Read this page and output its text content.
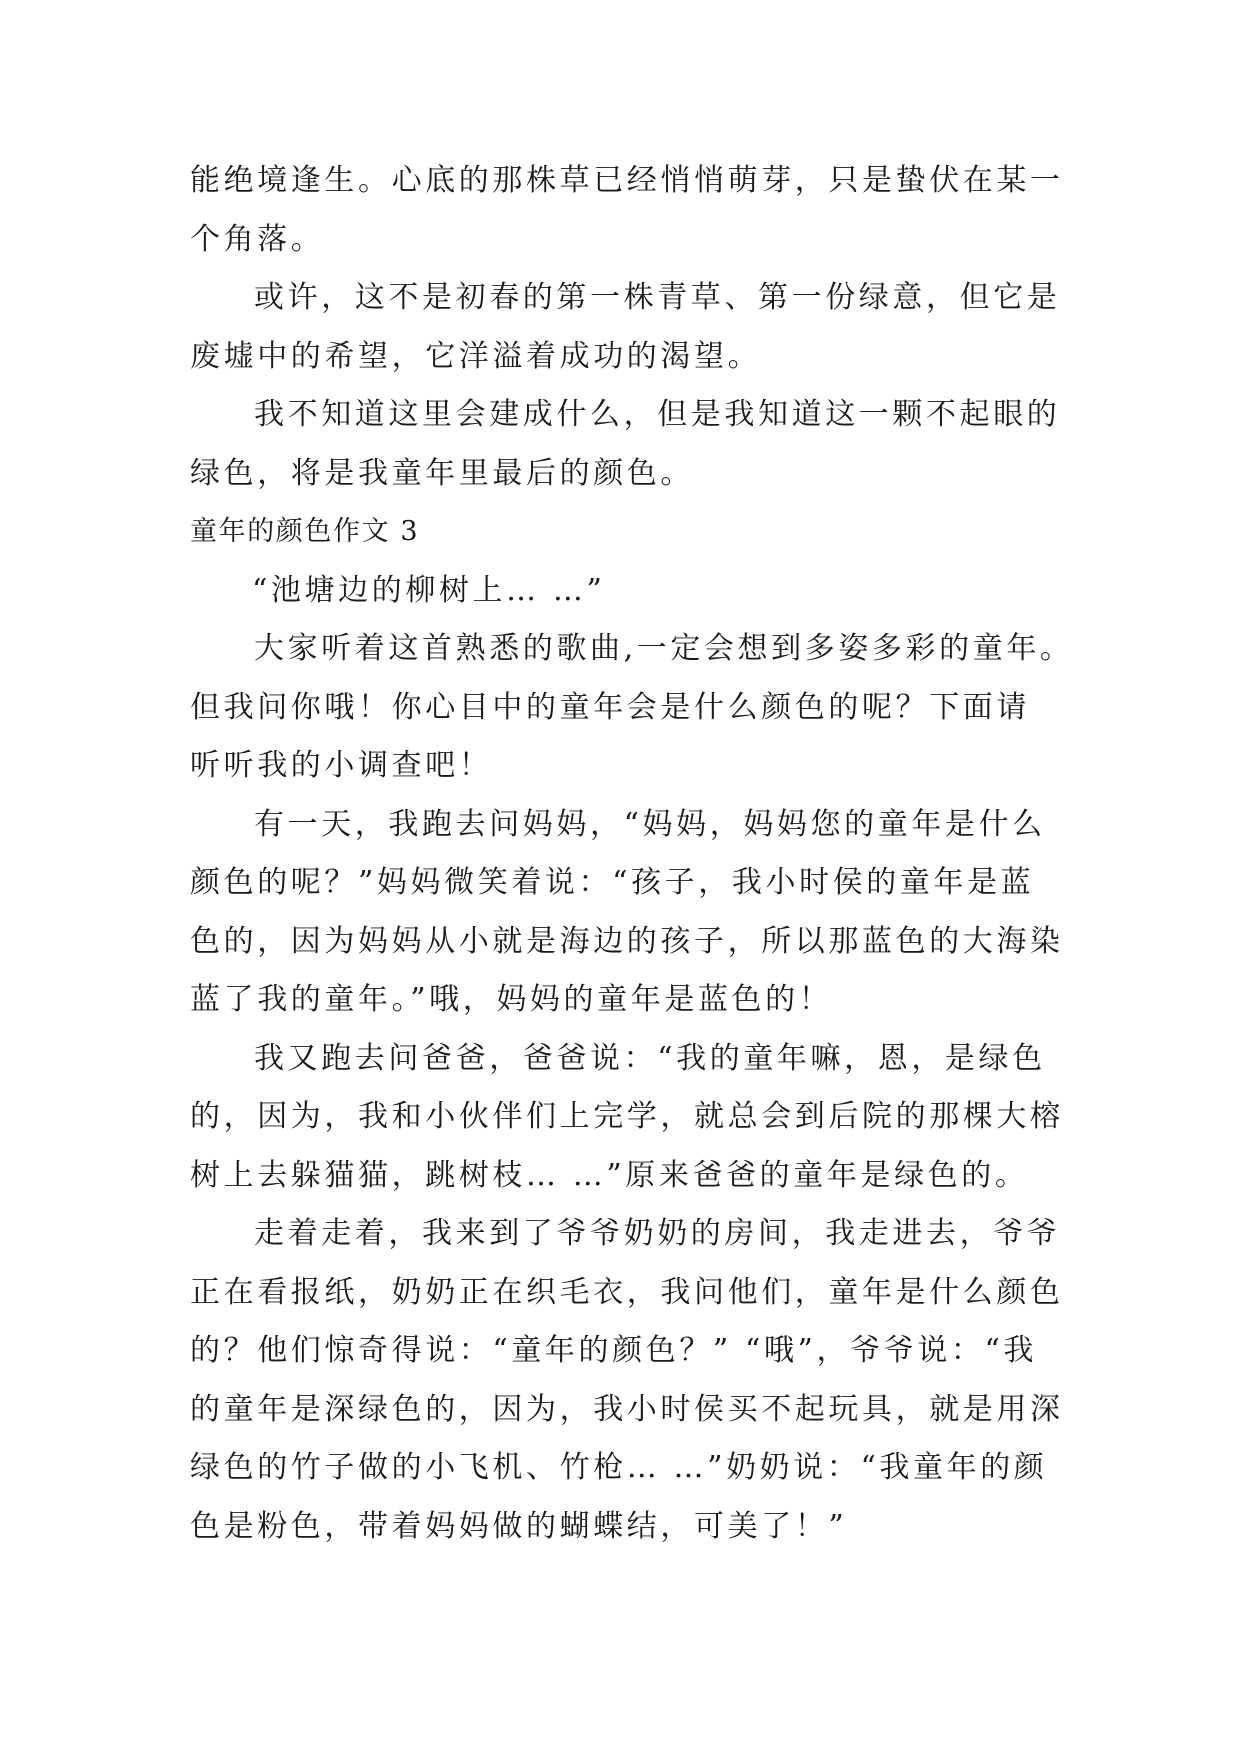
能绝境逢生。心底的那株草已经悄悄萌芽，只是蛰伏在某一
个角落。
或许，这不是初春的第一株青草、第一份绿意，但它是
废墟中的希望，它洋溢着成功的渴望。
我不知道这里会建成什么，但是我知道这一颗不起眼的
绿色，将是我童年里最后的颜色。
童年的颜色作文 3
“池塘边的柳树上… …”
大家听着这首熟悉的歌曲,一定会想到多姿多彩的童年。
但我问你哦！你心目中的童年会是什么颜色的呢？下面请
听听我的小调查吧！
有一天，我跑去问妈妈，“妈妈，妈妈您的童年是什么
颜色的呢？”妈妈微笑着说：“孩子，我小时侯的童年是蓝
色的，因为妈妈从小就是海边的孩子，所以那蓝色的大海染
蓝了我的童年。”哦，妈妈的童年是蓝色的！
我又跑去问爸爸，爸爸说：“我的童年嘛，恩，是绿色
的，因为，我和小伙伴们上完学，就总会到后院的那棵大榕
树上去躲猫猫，跳树枝… …”原来爸爸的童年是绿色的。
走着走着，我来到了爷爷奶奶的房间，我走进去，爷爷
正在看报纸，奶奶正在织毛衣，我问他们，童年是什么颜色
的？他们惊奇得说：“童年的颜色？” “哦”，爷爷说：“我
的童年是深绿色的，因为，我小时侯买不起玩具，就是用深
绿色的竹子做的小飞机、竹枪… …”奶奶说：“我童年的颜
色是粉色，带着妈妈做的蝴蝶结，可美了！”
